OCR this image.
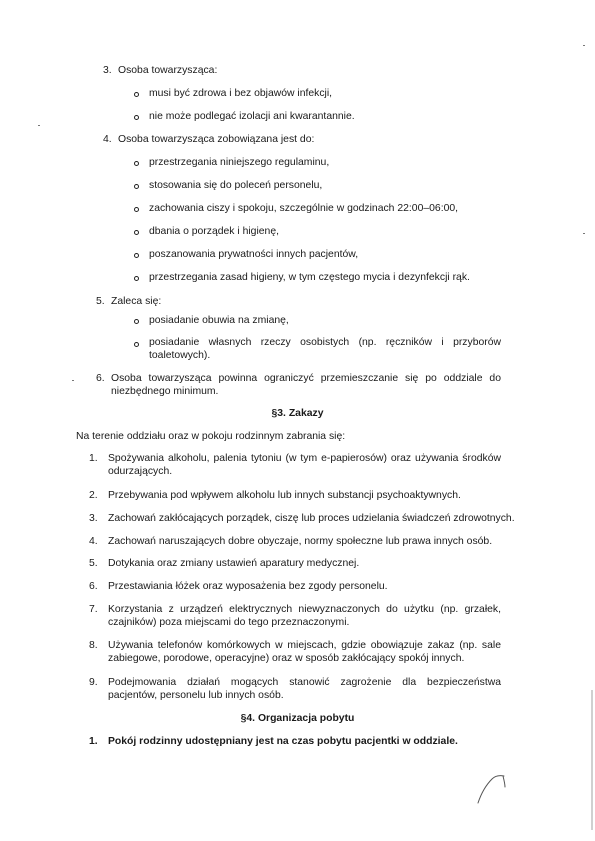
3. Osoba towarzysząca:
musi być zdrowa i bez objawów infekcji,
nie może podlegać izolacji ani kwarantannie.
4. Osoba towarzysząca zobowiązana jest do:
przestrzegania niniejszego regulaminu,
stosowania się do poleceń personelu,
zachowania ciszy i spokoju, szczególnie w godzinach 22:00–06:00,
dbania o porządek i higienę,
poszanowania prywatności innych pacjentów,
przestrzegania zasad higieny, w tym częstego mycia i dezynfekcji rąk.
5. Zaleca się:
posiadanie obuwia na zmianę,
posiadanie własnych rzeczy osobistych (np. ręczników i przyborów toaletowych).
6. Osoba towarzysząca powinna ograniczyć przemieszczanie się po oddziale do niezbędnego minimum.
§3. Zakazy
Na terenie oddziału oraz w pokoju rodzinnym zabrania się:
1. Spożywania alkoholu, palenia tytoniu (w tym e-papierosów) oraz używania środków odurzających.
2. Przebywania pod wpływem alkoholu lub innych substancji psychoaktywnych.
3. Zachowań zakłócających porządek, ciszę lub proces udzielania świadczeń zdrowotnych.
4. Zachowań naruszających dobre obyczaje, normy społeczne lub prawa innych osób.
5. Dotykania oraz zmiany ustawień aparatury medycznej.
6. Przestawiania łóżek oraz wyposażenia bez zgody personelu.
7. Korzystania z urządzeń elektrycznych niewyznaczonych do użytku (np. grzałek, czajników) poza miejscami do tego przeznaczonymi.
8. Używania telefonów komórkowych w miejscach, gdzie obowiązuje zakaz (np. sale zabiegowe, porodowe, operacyjne) oraz w sposób zakłócający spokój innych.
9. Podejmowania działań mogących stanowić zagrożenie dla bezpieczeństwa pacjentów, personelu lub innych osób.
§4. Organizacja pobytu
1. Pokój rodzinny udostępniany jest na czas pobytu pacjentki w oddziale.
